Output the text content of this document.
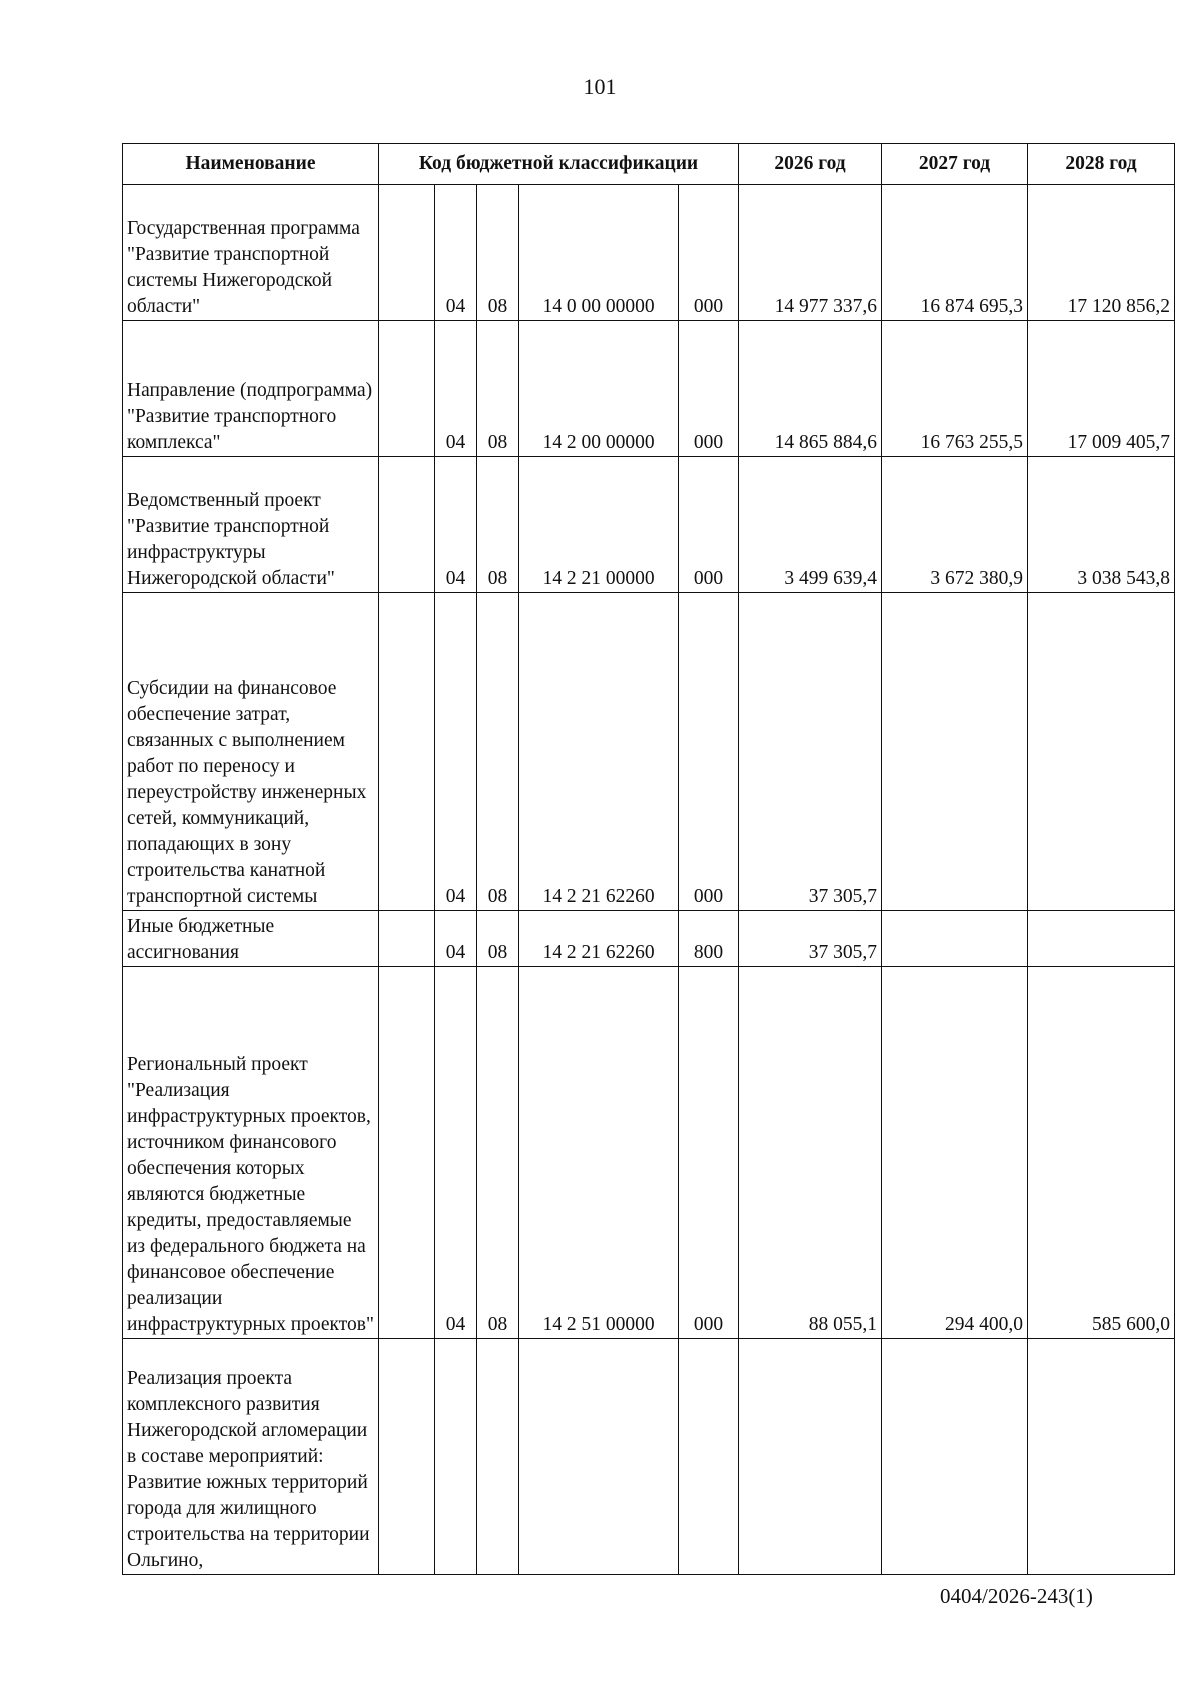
101
Наименование	Код бюджетной классификации					2026 год	2027 год	2028 год
Государственная программа "Развитие транспортной системы Нижегородской области"		04	08	14 0 00 00000	000	14 977 337,6	16 874 695,3	17 120 856,2
Направление (подпрограмма) "Развитие транспортного комплекса"		04	08	14 2 00 00000	000	14 865 884,6	16 763 255,5	17 009 405,7
Ведомственный проект "Развитие транспортной инфраструктуры Нижегородской области"		04	08	14 2 21 00000	000	3 499 639,4	3 672 380,9	3 038 543,8
Субсидии на финансовое обеспечение затрат, связанных с выполнением работ по переносу и переустройству инженерных сетей, коммуникаций, попадающих в зону строительства канатной транспортной системы		04	08	14 2 21 62260	000	37 305,7		
Иные бюджетные ассигнования		04	08	14 2 21 62260	800	37 305,7		
Региональный проект "Реализация инфраструктурных проектов, источником финансового обеспечения которых являются бюджетные кредиты, предоставляемые из федерального бюджета на финансовое обеспечение реализации инфраструктурных проектов"		04	08	14 2 51 00000	000	88 055,1	294 400,0	585 600,0
Реализация проекта комплексного развития Нижегородской агломерации в составе мероприятий: Развитие южных территорий города для жилищного строительства на территории Ольгино,								
0404/2026-243(1)
